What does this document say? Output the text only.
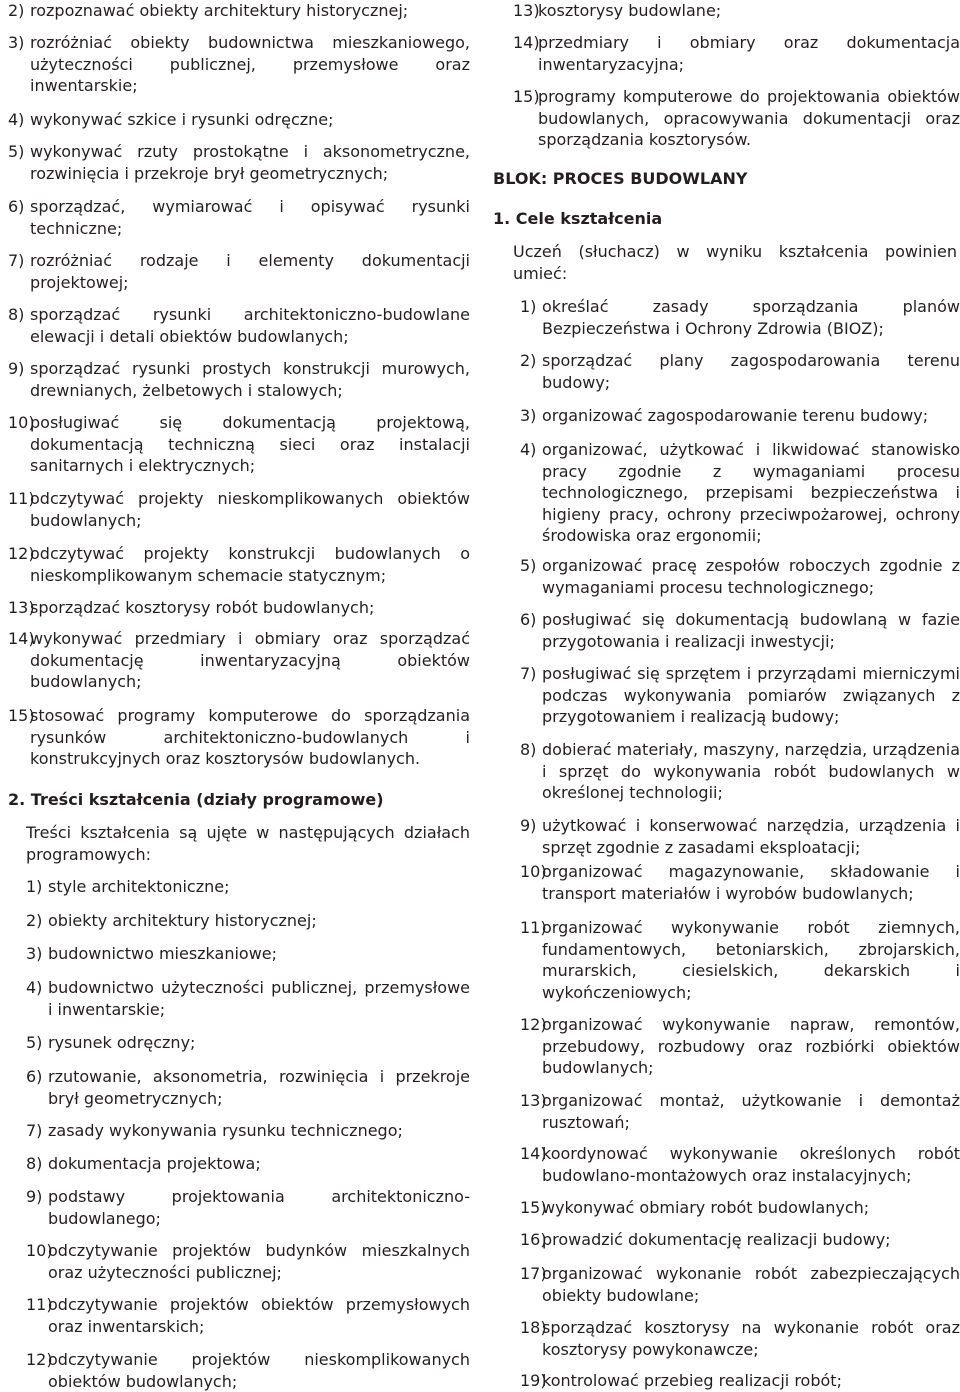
2) rozpoznawać obiekty architektury historycznej;
3) rozróżniać obiekty budownictwa mieszkaniowego, użyteczności publicznej, przemysłowe oraz inwentarskie;
4) wykonywać szkice i rysunki odręczne;
5) wykonywać rzuty prostokątne i aksonometryczne, rozwinięcia i przekroje brył geometrycznych;
6) sporządzać, wymiarować i opisywać rysunki techniczne;
7) rozróżniać rodzaje i elementy dokumentacji projektowej;
8) sporządzać rysunki architektoniczno-budowlane elewacji i detali obiektów budowlanych;
9) sporządzać rysunki prostych konstrukcji murowych, drewnianych, żelbetowych i stalowych;
10)
posługiwać się dokumentacją projektową, dokumentacją techniczną sieci oraz instalacji sanitarnych i elektrycznych;
11)
odczytywać projekty nieskomplikowanych obiektów budowlanych;
12)
odczytywać projekty konstrukcji budowlanych o nieskomplikowanym schemacie statycznym;
13)
sporządzać kosztorysy robót budowlanych;
14)
wykonywać przedmiary i obmiary oraz sporządzać dokumentację inwentaryzacyjną obiektów budowlanych;
15)
stosować programy komputerowe do sporządzania rysunków architektoniczno-budowlanych i konstrukcyjnych oraz kosztorysów budowlanych.
2. Treści kształcenia (działy programowe)
Treści kształcenia są ujęte w następujących działach programowych:
1) style architektoniczne;
2) obiekty architektury historycznej;
3) budownictwo mieszkaniowe;
4) budownictwo użyteczności publicznej, przemysłowe i inwentarskie;
5) rysunek odręczny;
6) rzutowanie, aksonometria, rozwinięcia i przekroje brył geometrycznych;
7) zasady wykonywania rysunku technicznego;
8) dokumentacja projektowa;
9) podstawy projektowania architektoniczno-budowlanego;
10)
odczytywanie projektów budynków mieszkalnych oraz użyteczności publicznej;
11)
odczytywanie projektów obiektów przemysłowych oraz inwentarskich;
12)
odczytywanie projektów nieskomplikowanych obiektów budowlanych;
13)
kosztorysy budowlane;
14)
przedmiary i obmiary oraz dokumentacja inwentaryzacyjna;
15)
programy komputerowe do projektowania obiektów budowlanych, opracowywania dokumentacji oraz sporządzania kosztorysów.
BLOK: PROCES BUDOWLANY
1. Cele kształcenia
Uczeń (słuchacz) w wyniku kształcenia powinien umieć:
1) określać zasady sporządzania planów Bezpieczeństwa i Ochrony Zdrowia (BIOZ);
2) sporządzać plany zagospodarowania terenu budowy;
3) organizować zagospodarowanie terenu budowy;
4) organizować, użytkować i likwidować stanowisko pracy zgodnie z wymaganiami procesu technologicznego, przepisami bezpieczeństwa i higieny pracy, ochrony przeciwpożarowej, ochrony środowiska oraz ergonomii;
5) organizować pracę zespołów roboczych zgodnie z wymaganiami procesu technologicznego;
6) posługiwać się dokumentacją budowlaną w fazie przygotowania i realizacji inwestycji;
7) posługiwać się sprzętem i przyrządami mierniczymi podczas wykonywania pomiarów związanych z przygotowaniem i realizacją budowy;
8) dobierać materiały, maszyny, narzędzia, urządzenia i sprzęt do wykonywania robót budowlanych w określonej technologii;
9) użytkować i konserwować narzędzia, urządzenia i sprzęt zgodnie z zasadami eksploatacji;
10)
organizować magazynowanie, składowanie i transport materiałów i wyrobów budowlanych;
11)
organizować wykonywanie robót ziemnych, fundamentowych, betoniarskich, zbrojarskich, murarskich, ciesielskich, dekarskich i wykończeniowych;
12)
organizować wykonywanie napraw, remontów, przebudowy, rozbudowy oraz rozbiórki obiektów budowlanych;
13)
organizować montaż, użytkowanie i demontaż rusztowań;
14)
koordynować wykonywanie określonych robót budowlano-montażowych oraz instalacyjnych;
15)
wykonywać obmiary robót budowlanych;
16)
prowadzić dokumentację realizacji budowy;
17)
organizować wykonanie robót zabezpieczających obiekty budowlane;
18)
sporządzać kosztorysy na wykonanie robót oraz kosztorysy powykonawcze;
19)
kontrolować przebieg realizacji robót;
